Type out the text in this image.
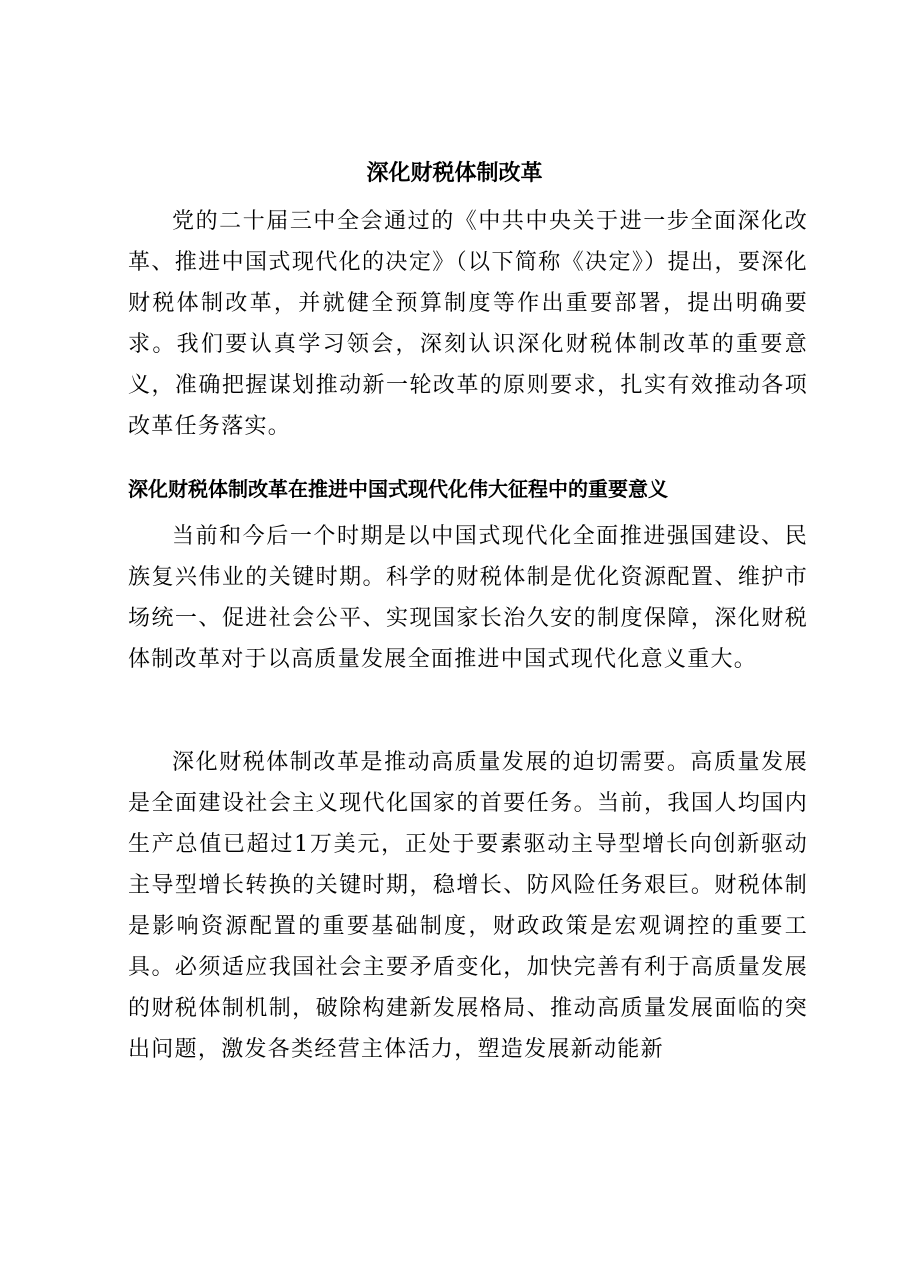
深化财税体制改革

党的二十届三中全会通过的《中共中央关于进一步全面深化改革、推进中国式现代化的决定》（以下简称《决定》）提出，要深化财税体制改革，并就健全预算制度等作出重要部署，提出明确要求。我们要认真学习领会，深刻认识深化财税体制改革的重要意义，准确把握谋划推动新一轮改革的原则要求，扎实有效推动各项改革任务落实。

深化财税体制改革在推进中国式现代化伟大征程中的重要意义

当前和今后一个时期是以中国式现代化全面推进强国建设、民族复兴伟业的关键时期。科学的财税体制是优化资源配置、维护市场统一、促进社会公平、实现国家长治久安的制度保障，深化财税体制改革对于以高质量发展全面推进中国式现代化意义重大。

深化财税体制改革是推动高质量发展的迫切需要。高质量发展是全面建设社会主义现代化国家的首要任务。当前，我国人均国内生产总值已超过1万美元，正处于要素驱动主导型增长向创新驱动主导型增长转换的关键时期，稳增长、防风险任务艰巨。财税体制是影响资源配置的重要基础制度，财政政策是宏观调控的重要工具。必须适应我国社会主要矛盾变化，加快完善有利于高质量发展的财税体制机制，破除构建新发展格局、推动高质量发展面临的突出问题，激发各类经营主体活力，塑造发展新动能新
